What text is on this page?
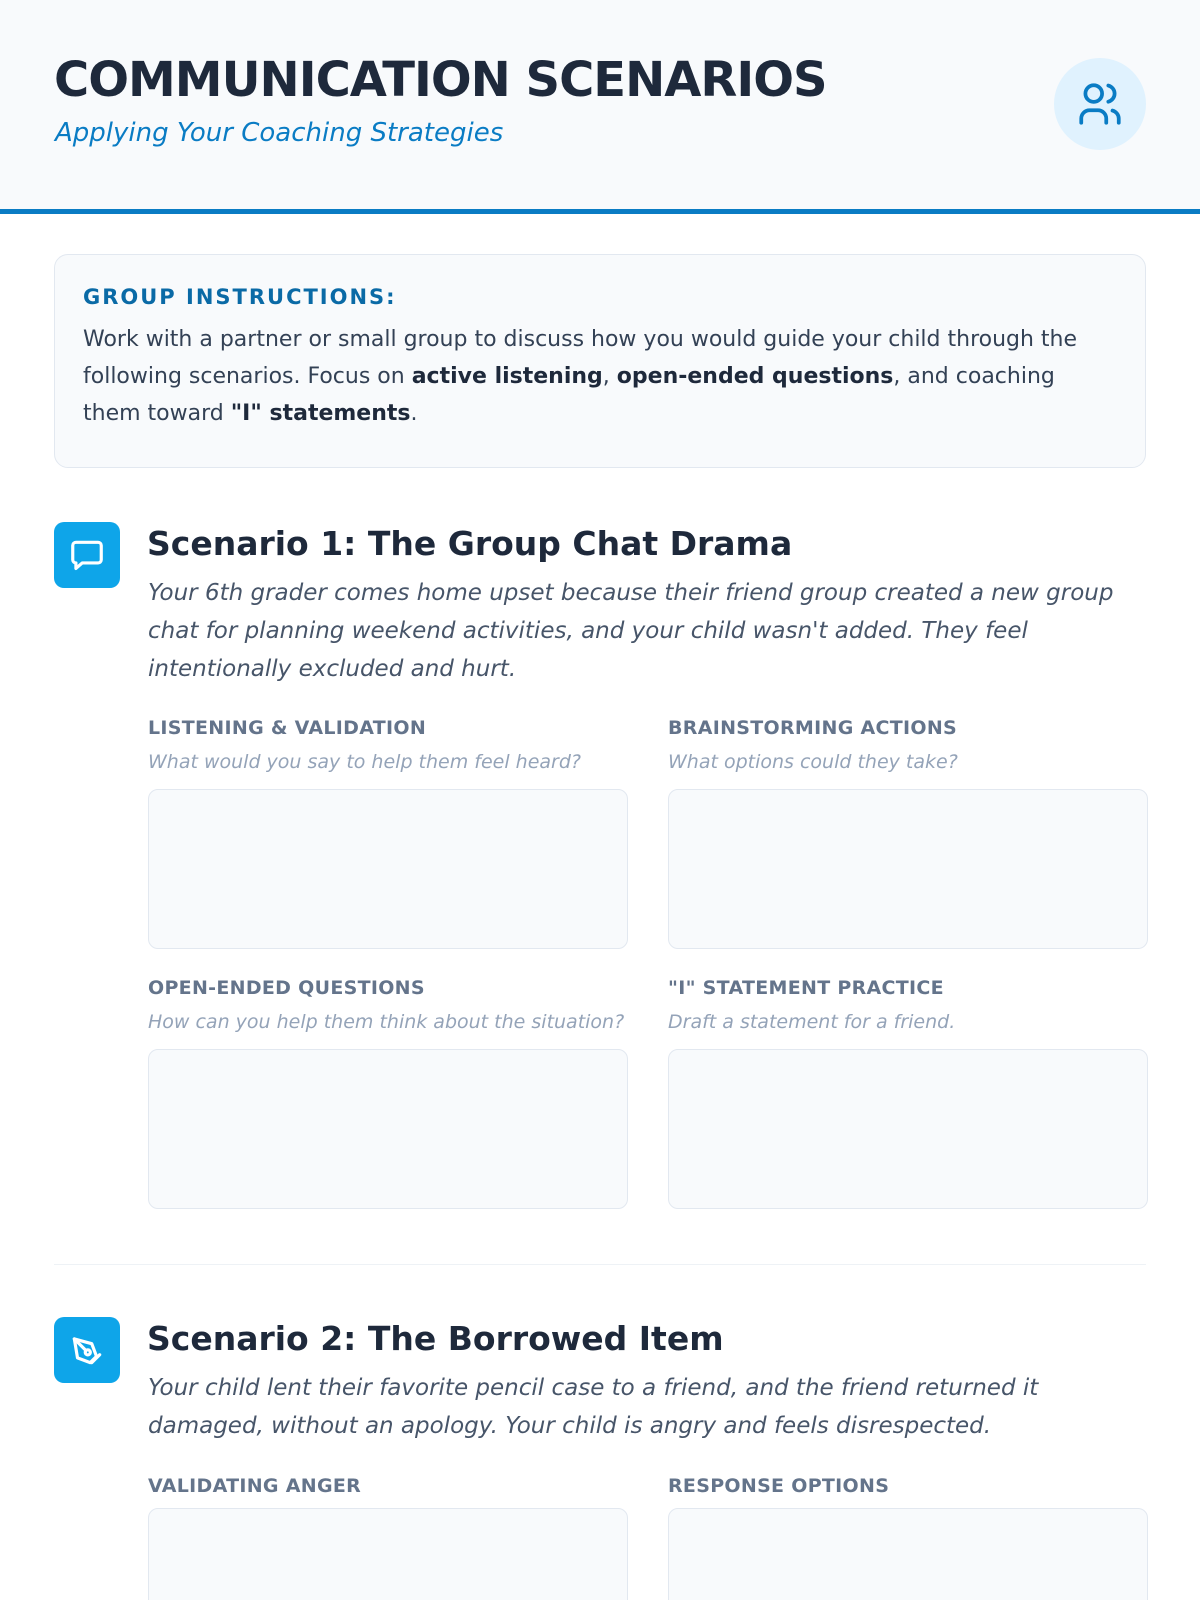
COMMUNICATION SCENARIOS
Applying Your Coaching Strategies
GROUP INSTRUCTIONS:
Work with a partner or small group to discuss how you would guide your child through the following scenarios. Focus on active listening, open-ended questions, and coaching them toward "I" statements.
Scenario 1: The Group Chat Drama
Your 6th grader comes home upset because their friend group created a new group chat for planning weekend activities, and your child wasn't added. They feel intentionally excluded and hurt.
LISTENING & VALIDATION
What would you say to help them feel heard?
BRAINSTORMING ACTIONS
What options could they take?
OPEN-ENDED QUESTIONS
How can you help them think about the situation?
"I" STATEMENT PRACTICE
Draft a statement for a friend.
Scenario 2: The Borrowed Item
Your child lent their favorite pencil case to a friend, and the friend returned it damaged, without an apology. Your child is angry and feels disrespected.
VALIDATING ANGER	RESPONSE OPTIONS
